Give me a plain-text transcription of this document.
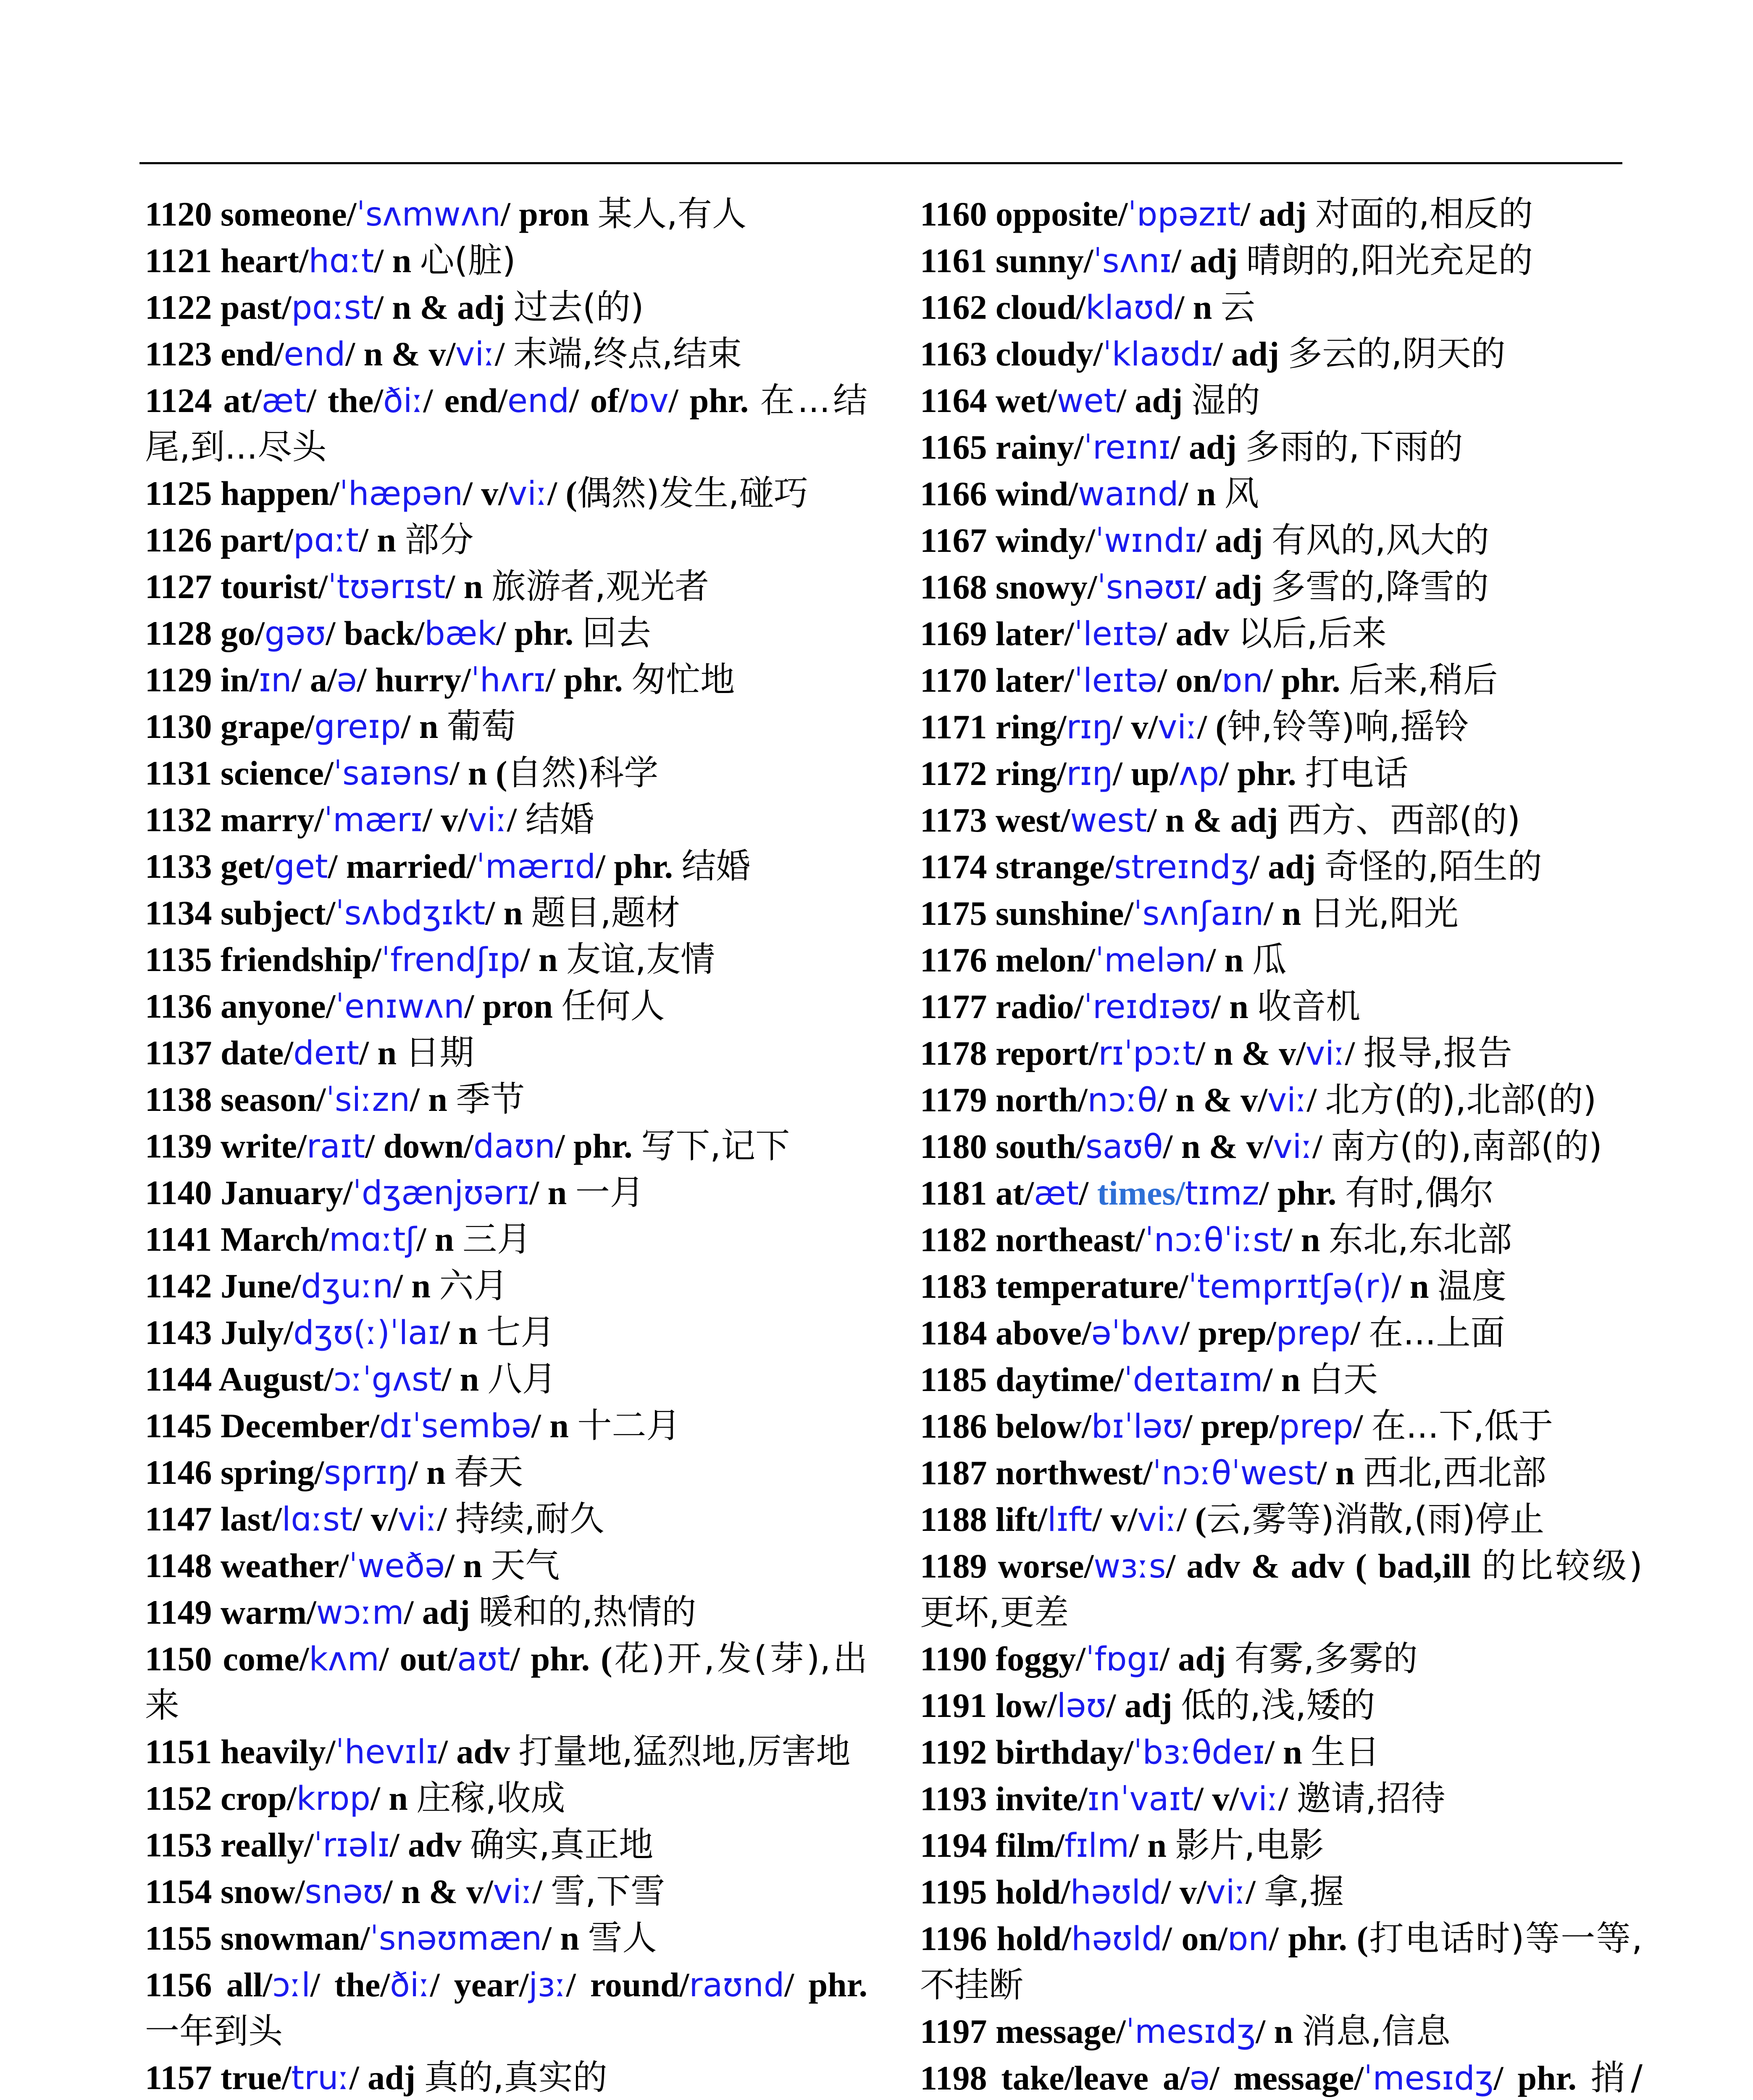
1120 someone/ˈsʌmwʌn/ pron 某人,有人
1121 heart/hɑːt/ n 心(脏)
1122 past/pɑːst/ n & adj 过去(的)
1123 end/end/ n & v/viː/ 末端,终点,结束
1124 at/æt/ the/ðiː/ end/end/ of/ɒv/ phr. 在...结尾,到...尽头
1125 happen/ˈhæpən/ v/viː/ (偶然)发生,碰巧
1126 part/pɑːt/ n 部分
1127 tourist/ˈtʊərɪst/ n 旅游者,观光者
1128 go/gəʊ/ back/bæk/ phr. 回去
1129 in/ɪn/ a/ə/ hurry/ˈhʌrɪ/ phr. 匆忙地
1130 grape/greɪp/ n 葡萄
1131 science/ˈsaɪəns/ n (自然)科学
1132 marry/ˈmærɪ/ v/viː/ 结婚
1133 get/get/ married/ˈmærɪd/ phr. 结婚
1134 subject/ˈsʌbdʒɪkt/ n 题目,题材
1135 friendship/ˈfrendʃɪp/ n 友谊,友情
1136 anyone/ˈenɪwʌn/ pron 任何人
1137 date/deɪt/ n 日期
1138 season/ˈsiːzn/ n 季节
1139 write/raɪt/ down/daʊn/ phr. 写下,记下
1140 January/ˈdʒænjʊərɪ/ n 一月
1141 March/mɑːtʃ/ n 三月
1142 June/dʒuːn/ n 六月
1143 July/dʒʊ(ː)ˈlaɪ/ n 七月
1144 August/ɔːˈgʌst/ n 八月
1145 December/dɪˈsembə/ n 十二月
1146 spring/sprɪŋ/ n 春天
1147 last/lɑːst/ v/viː/ 持续,耐久
1148 weather/ˈweðə/ n 天气
1149 warm/wɔːm/ adj 暖和的,热情的
1150 come/kʌm/ out/aʊt/ phr. (花)开,发(芽),出来
1151 heavily/ˈhevɪlɪ/ adv 打量地,猛烈地,厉害地
1152 crop/krɒp/ n 庄稼,收成
1153 really/ˈrɪəlɪ/ adv 确实,真正地
1154 snow/snəʊ/ n & v/viː/ 雪,下雪
1155 snowman/ˈsnəʊmæn/ n 雪人
1156 all/ɔːl/ the/ðiː/ year/jɜː/ round/raʊnd/ phr. 一年到头
1157 true/truː/ adj 真的,真实的
1160 opposite/ˈɒpəzɪt/ adj 对面的,相反的
1161 sunny/ˈsʌnɪ/ adj 晴朗的,阳光充足的
1162 cloud/klaʊd/ n 云
1163 cloudy/ˈklaʊdɪ/ adj 多云的,阴天的
1164 wet/wet/ adj 湿的
1165 rainy/ˈreɪnɪ/ adj 多雨的,下雨的
1166 wind/waɪnd/ n 风
1167 windy/ˈwɪndɪ/ adj 有风的,风大的
1168 snowy/ˈsnəʊɪ/ adj 多雪的,降雪的
1169 later/ˈleɪtə/ adv 以后,后来
1170 later/ˈleɪtə/ on/ɒn/ phr. 后来,稍后
1171 ring/rɪŋ/ v/viː/ (钟,铃等)响,摇铃
1172 ring/rɪŋ/ up/ʌp/ phr. 打电话
1173 west/west/ n & adj 西方、西部(的)
1174 strange/streɪndʒ/ adj 奇怪的,陌生的
1175 sunshine/ˈsʌnʃaɪn/ n 日光,阳光
1176 melon/ˈmelən/ n 瓜
1177 radio/ˈreɪdɪəʊ/ n 收音机
1178 report/rɪˈpɔːt/ n & v/viː/ 报导,报告
1179 north/nɔːθ/ n & v/viː/ 北方(的),北部(的)
1180 south/saʊθ/ n & v/viː/ 南方(的),南部(的)
1181 at/æt/ times/tɪmz/ phr. 有时,偶尔
1182 northeast/ˈnɔːθˈiːst/ n 东北,东北部
1183 temperature/ˈtemprɪtʃə(r)/ n 温度
1184 above/əˈbʌv/ prep/prep/ 在...上面
1185 daytime/ˈdeɪtaɪm/ n 白天
1186 below/bɪˈləʊ/ prep/prep/ 在...下,低于
1187 northwest/ˈnɔːθˈwest/ n 西北,西北部
1188 lift/lɪft/ v/viː/ (云,雾等)消散,(雨)停止
1189 worse/wɜːs/ adv & adv ( bad,ill 的比较级)更坏,更差
1190 foggy/ˈfɒgɪ/ adj 有雾,多雾的
1191 low/ləʊ/ adj 低的,浅,矮的
1192 birthday/ˈbɜːθdeɪ/ n 生日
1193 invite/ɪnˈvaɪt/ v/viː/ 邀请,招待
1194 film/fɪlm/ n 影片,电影
1195 hold/həʊld/ v/viː/ 拿,握
1196 hold/həʊld/ on/ɒn/ phr. (打电话时)等一等,不挂断
1197 message/ˈmesɪdʒ/ n 消息,信息
1198 take/leave a/ə/ message/ˈmesɪdʒ/ phr. 捎/
